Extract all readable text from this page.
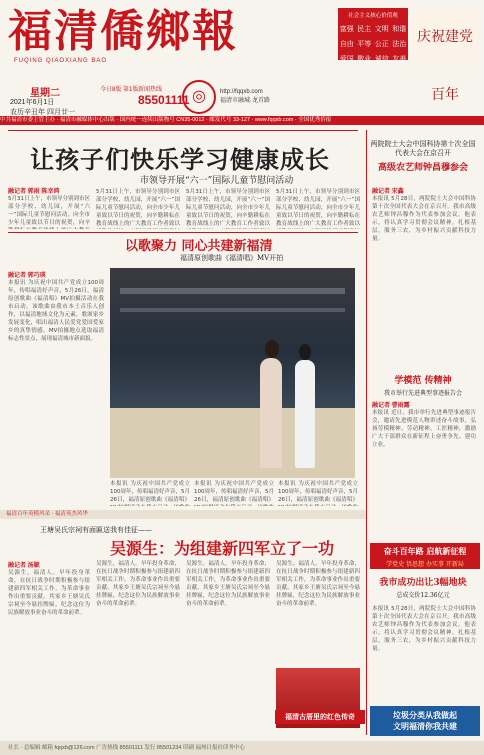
福清僑鄉報
FUQING QIAOXIANG BAO
社会主义核心价值观
富强 民主 文明 和谐
自由 平等 公正 法治
爱国 敬业 诚信 友善
庆祝建党百年
星期二
2021年6月1日
农历辛丑年 四月廿一
今日8版 第1版 新闻热线
85501111 ◎	http://fqqxb.com
福清市融城·龙首路
中共福清市委主管主办 · 福清市融媒体中心出版 · 国内统一连续出版物号 CN35-0012 · 邮发代号 33-127 · www.fqqxb.com · 全国优秀侨报
让孩子们快乐学习健康成长
市领导开展“六一”国际儿童节慰问活动
融记者 郭雨 陈幸鸿
5月31日上午，市领导分别到市区部分学校、幼儿园，开展“六一”国际儿童节慰问活动，向全市少年儿童致以节日的祝贺，向辛
5月31日上午，市领导分别到市区部分学校、幼儿园，开展“六一”国际儿童节慰问活动，向全市少年儿童致以节日的祝贺，向辛勤耕耘在教育战线上的广大教育工作者致以
5月31日上午，市领导分别到市区部分学校、幼儿园，开展“六一”国际儿童节慰问活动，向全市少年儿童致以节日的祝贺，向辛勤耕耘在教育战线上的广大教育工作者致以
5月31日上午，市领导分别到市区部分学校、幼儿园，开展“六一”国际儿童节慰问活动，向全市少年儿童致以节日的祝贺，向辛勤耕耘在教育战线上的广大教育工作者致以
以歌聚力 同心共建新福清
福清原创歌曲《福清唱》MV开拍
融记者 郭巧瑛
本报讯 为庆祝中国共产党成立100周年，传唱福清好声音，5月26日，福清原创歌曲《福清唱》MV拍摄活动在我市启动。该歌曲由我市本土音乐人创作，以福清地域文化为元素，歌颂家乡发展变化，唱出福清人民爱党爱国爱家乡的真挚情感。MV拍摄地点选取福清标志性景点，展现福清城市新面貌。
本报讯 为庆祝中国共产党成立100周年，传唱福清好声音，5月26日，福清原创歌曲《福清唱》
本报讯 为庆祝中国共产党成立100周年，传唱福清好声音，5月26日，福清原创歌曲《福清唱》
本报讯 为庆祝中国共产党成立100周年，传唱福清好声音，5月26日，福清原创歌曲《福清唱》
两院院士大会中国科协第十次全国代表大会在京召开
高级农艺师钟昌穆参会
融记者 宋鑫
本报讯 5月28日，两院院士大会中国科协第十次全国代表大会在京召开。我市高级农艺师钟昌穆作为代表参加会议。他表示，将认真学习贯彻会议精神，扎根基层，服务三农，为乡村振兴贡献科技力量。
学模范 传精神
我市举行先进典型事迹报告会
融记者 曹雨露
本报讯 近日，我市举行先进典型事迹报告会，邀请先进模范人物讲述奋斗故事，弘扬劳模精神、劳动精神、工匠精神，激励广大干部群众在新征程上奋勇争先、建功立业。
奋斗百年路 启航新征程
学党史 悟思想 办实事 开新局
我市成功出让3幅地块
总成交价12.36亿元
本报讯 5月28日，两院院士大会中国科协第十次全国代表大会在京召开。我市高级农艺师钟昌穆作为代表参加会议。他表示，将认真学习贯彻会议精神，扎根基层，服务三农，为乡村振兴贡献科技力量。
垃圾分类从我做起
文明福清你我共建
福清百年英模风采 · 福清英杰风华
王塘吴氏宗祠有面匾送我有佳征——
吴源生：为组建新四军立了一功
融记者 汤颖
吴源生，福清人。早年投身革命，在抗日战争时期积极参与组建新四军相关工作，为革命事业作出重要贡献。其家乡王塘吴氏宗祠至今悬挂牌匾，纪念这位为民族解放事业奋斗的革命前辈。
吴源生，福清人。早年投身革命，在抗日战争时期积极参与组建新四军相关工作，为革命事业作出重要贡献。其家乡王塘吴氏宗祠至今悬挂牌匾，纪念这位为民族解放事业奋斗的革命前辈。
吴源生，福清人。早年投身革命，在抗日战争时期积极参与组建新四军相关工作，为革命事业作出重要贡献。其家乡王塘吴氏宗祠至今悬挂牌匾，纪念这位为民族解放事业奋斗的革命前辈。
吴源生，福清人。早年投身革命，在抗日战争时期积极参与组建新四军相关工作，为革命事业作出重要贡献。其家乡王塘吴氏宗祠至今悬挂牌匾，纪念这位为民族解放事业奋斗的革命前辈。
福清古厝里的红色传奇
社长 · 总编辑 邮箱 fqqxb@126.com 广告热线 85501111 发行 85501234 印刷 福州日报社印务中心
